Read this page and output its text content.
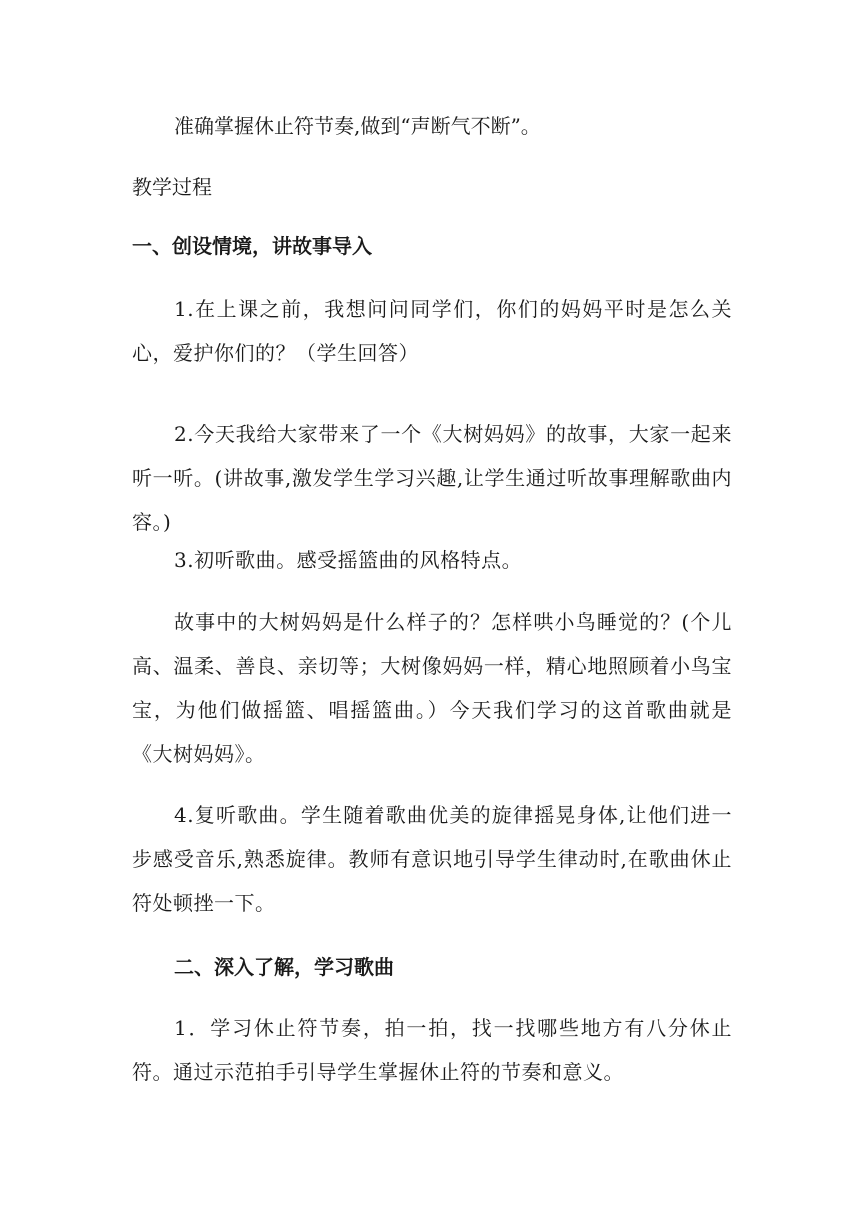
准确掌握休止符节奏,做到“声断气不断”。
教学过程
一、创设情境，讲故事导入
1.在上课之前，我想问问同学们，你们的妈妈平时是怎么关心，爱护你们的？（学生回答）
2.今天我给大家带来了一个《大树妈妈》的故事，大家一起来听一听。(讲故事,激发学生学习兴趣,让学生通过听故事理解歌曲内容。)
3.初听歌曲。感受摇篮曲的风格特点。
故事中的大树妈妈是什么样子的？怎样哄小鸟睡觉的？(个儿高、温柔、善良、亲切等；大树像妈妈一样，精心地照顾着小鸟宝宝，为他们做摇篮、唱摇篮曲。）今天我们学习的这首歌曲就是《大树妈妈》。
4.复听歌曲。学生随着歌曲优美的旋律摇晃身体,让他们进一步感受音乐,熟悉旋律。教师有意识地引导学生律动时,在歌曲休止符处顿挫一下。
二、深入了解，学习歌曲
1．学习休止符节奏，拍一拍，找一找哪些地方有八分休止符。通过示范拍手引导学生掌握休止符的节奏和意义。
